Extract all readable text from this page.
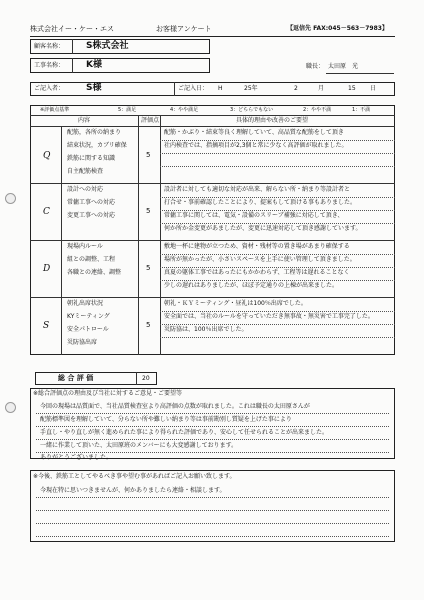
株式会社イー・ケー・エス	お客様アンケート	【返信先 FAX:045－563－7983】
顧客名称： S株式会社
工事名称： K様	職長： 太田原　光
ご記入者： S様	ご記入日： H	25年	2	月	15 日
※評価点基準	5：満足	4：やや満足	3：どちらでもない	2：やや不満	1：不満
内容	評価点	具体的理由や改善のご要望
Q
配筋，各所の納まり
結束状況，カブリ確保
鉄筋に関する知識
自主配筋検査
5
配筋・かぶり・結束等良く理解していて、高品質な配筋をして頂き
社内検査では、指摘項目が2,3個と常に少なく高評価が取れました。
C
設計への対応
常傭工事への対応
変更工事への対応
5
設計者に対しても適切な対応が出来、解らない所・納まり等設計者と
打合せ・事前確認したことにより、提案もして頂ける事もありました。
常傭工事に関しては、電気・設備のスリーブ補強に対応して頂き、
何か所か金変更があましたが、変更に迅速対応して頂き感謝しています。
D
現場内ルール
組との調整、工程
各職との連絡、調整
5
敷地一杯に建物が立つため、資材・残材等の置き場があまり確保する
場所が無かったが、小さいスペースを上手に使い管理して頂きました。
真夏の躯体工事ではあったにもかかわらず、工程等は遅れることなく
少しの遅れはありましたが、ほぼ予定通りの上棟が出来ました。
S
朝礼出席状況
KYミーティング
安全パトロール
災防協出席
5
朝礼・ＫＹミーティング・昼礼は100％出席でした。
安全面では、当社のルールを守っていただき無事故・無災害で工事完了した。
災防協は、100％出席でした。
総 合 評 価	20
※総合評価点の理由及び当社に対するご意見・ご要望等
今回の現場は品質面で、当社品質検査室より高評価の点数が取れました。これは職長の太田原さんが
配筋標準図を理解していて、分らない所や難しい納まり等は事前勘別し質疑を上げた事により
手直し・やり直しが無く進められた事により得られた評価であり、安心して任せられることが出来ました。
一緒に作業して頂いた、太田原班のメンバーにも大変感謝しております。
ありがとうございました。
※今後、鉄筋工としてやるべき事や望む事があればご記入お願い致します。
今現在特に思いつきませんが、何かありましたら連絡・相談します。
